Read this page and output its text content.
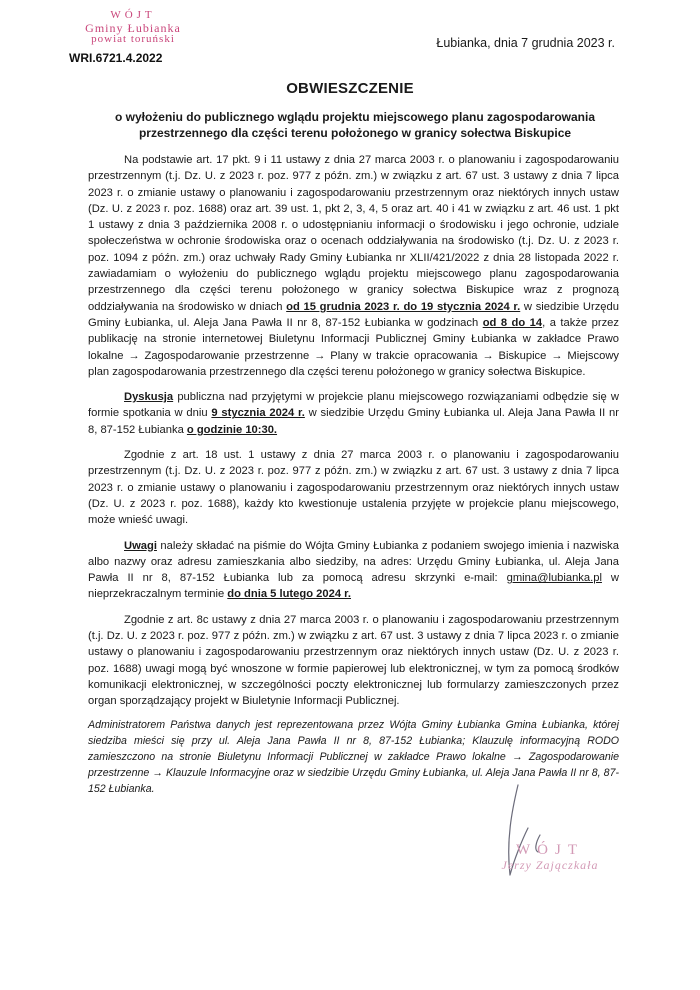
WÓJT
Gminy Łubianka
powiat toruński
WRI.6721.4.2022
Łubianka, dnia 7 grudnia 2023 r.
OBWIESZCZENIE
o wyłożeniu do publicznego wglądu projektu miejscowego planu zagospodarowania przestrzennego dla części terenu położonego w granicy sołectwa Biskupice

Na podstawie art. 17 pkt. 9 i 11 ustawy z dnia 27 marca 2003 r. o planowaniu i zagospodarowaniu przestrzennym (t.j. Dz. U. z 2023 r. poz. 977 z późn. zm.) w związku z art. 67 ust. 3 ustawy z dnia 7 lipca 2023 r. o zmianie ustawy o planowaniu i zagospodarowaniu przestrzennym oraz niektórych innych ustaw (Dz. U. z 2023 r. poz. 1688) oraz art. 39 ust. 1, pkt 2, 3, 4, 5 oraz art. 40 i 41 w związku z art. 46 ust. 1 pkt 1 ustawy z dnia 3 października 2008 r. o udostępnianiu informacji o środowisku i jego ochronie, udziale społeczeństwa w ochronie środowiska oraz o ocenach oddziaływania na środowisko (t.j. Dz. U. z 2023 r. poz. 1094 z późn. zm.) oraz uchwały Rady Gminy Łubianka nr XLII/421/2022 z dnia 28 listopada 2022 r. zawiadamiam o wyłożeniu do publicznego wglądu projektu miejscowego planu zagospodarowania przestrzennego dla części terenu położonego w granicy sołectwa Biskupice wraz z prognozą oddziaływania na środowisko w dniach od 15 grudnia 2023 r. do 19 stycznia 2024 r. w siedzibie Urzędu Gminy Łubianka, ul. Aleja Jana Pawła II nr 8, 87-152 Łubianka w godzinach od 8 do 14, a także przez publikację na stronie internetowej Biuletynu Informacji Publicznej Gminy Łubianka w zakładce Prawo lokalne → Zagospodarowanie przestrzenne → Plany w trakcie opracowania → Biskupice → Miejscowy plan zagospodarowania przestrzennego dla części terenu położonego w granicy sołectwa Biskupice.

Dyskusja publiczna nad przyjętymi w projekcie planu miejscowego rozwiązaniami odbędzie się w formie spotkania w dniu 9 stycznia 2024 r. w siedzibie Urzędu Gminy Łubianka ul. Aleja Jana Pawła II nr 8, 87-152 Łubianka o godzinie 10:30.

Zgodnie z art. 18 ust. 1 ustawy z dnia 27 marca 2003 r. o planowaniu i zagospodarowaniu przestrzennym (t.j. Dz. U. z 2023 r. poz. 977 z późn. zm.) w związku z art. 67 ust. 3 ustawy z dnia 7 lipca 2023 r. o zmianie ustawy o planowaniu i zagospodarowaniu przestrzennym oraz niektórych innych ustaw (Dz. U. z 2023 r. poz. 1688), każdy kto kwestionuje ustalenia przyjęte w projekcie planu miejscowego, może wnieść uwagi.

Uwagi należy składać na piśmie do Wójta Gminy Łubianka z podaniem swojego imienia i nazwiska albo nazwy oraz adresu zamieszkania albo siedziby, na adres: Urzędu Gminy Łubianka, ul. Aleja Jana Pawła II nr 8, 87-152 Łubianka lub za pomocą adresu skrzynki e-mail: gmina@lubianka.pl w nieprzekraczalnym terminie do dnia 5 lutego 2024 r.

Zgodnie z art. 8c ustawy z dnia 27 marca 2003 r. o planowaniu i zagospodarowaniu przestrzennym (t.j. Dz. U. z 2023 r. poz. 977 z późn. zm.) w związku z art. 67 ust. 3 ustawy z dnia 7 lipca 2023 r. o zmianie ustawy o planowaniu i zagospodarowaniu przestrzennym oraz niektórych innych ustaw (Dz. U. z 2023 r. poz. 1688) uwagi mogą być wnoszone w formie papierowej lub elektronicznej, w tym za pomocą środków komunikacji elektronicznej, w szczególności poczty elektronicznej lub formularzy zamieszczonych przez organ sporządzający projekt w Biuletynie Informacji Publicznej.

Administratorem Państwa danych jest reprezentowana przez Wójta Gminy Łubianka Gmina Łubianka, której siedziba mieści się przy ul. Aleja Jana Pawła II nr 8, 87-152 Łubianka; Klauzulę informacyjną RODO zamieszczono na stronie Biuletynu Informacji Publicznej w zakładce Prawo lokalne → Zagospodarowanie przestrzenne → Klauzule Informacyjne oraz w siedzibie Urzędu Gminy Łubianka, ul. Aleja Jana Pawła II nr 8, 87-152 Łubianka.
WÓJT
Jerzy Zajączkała
